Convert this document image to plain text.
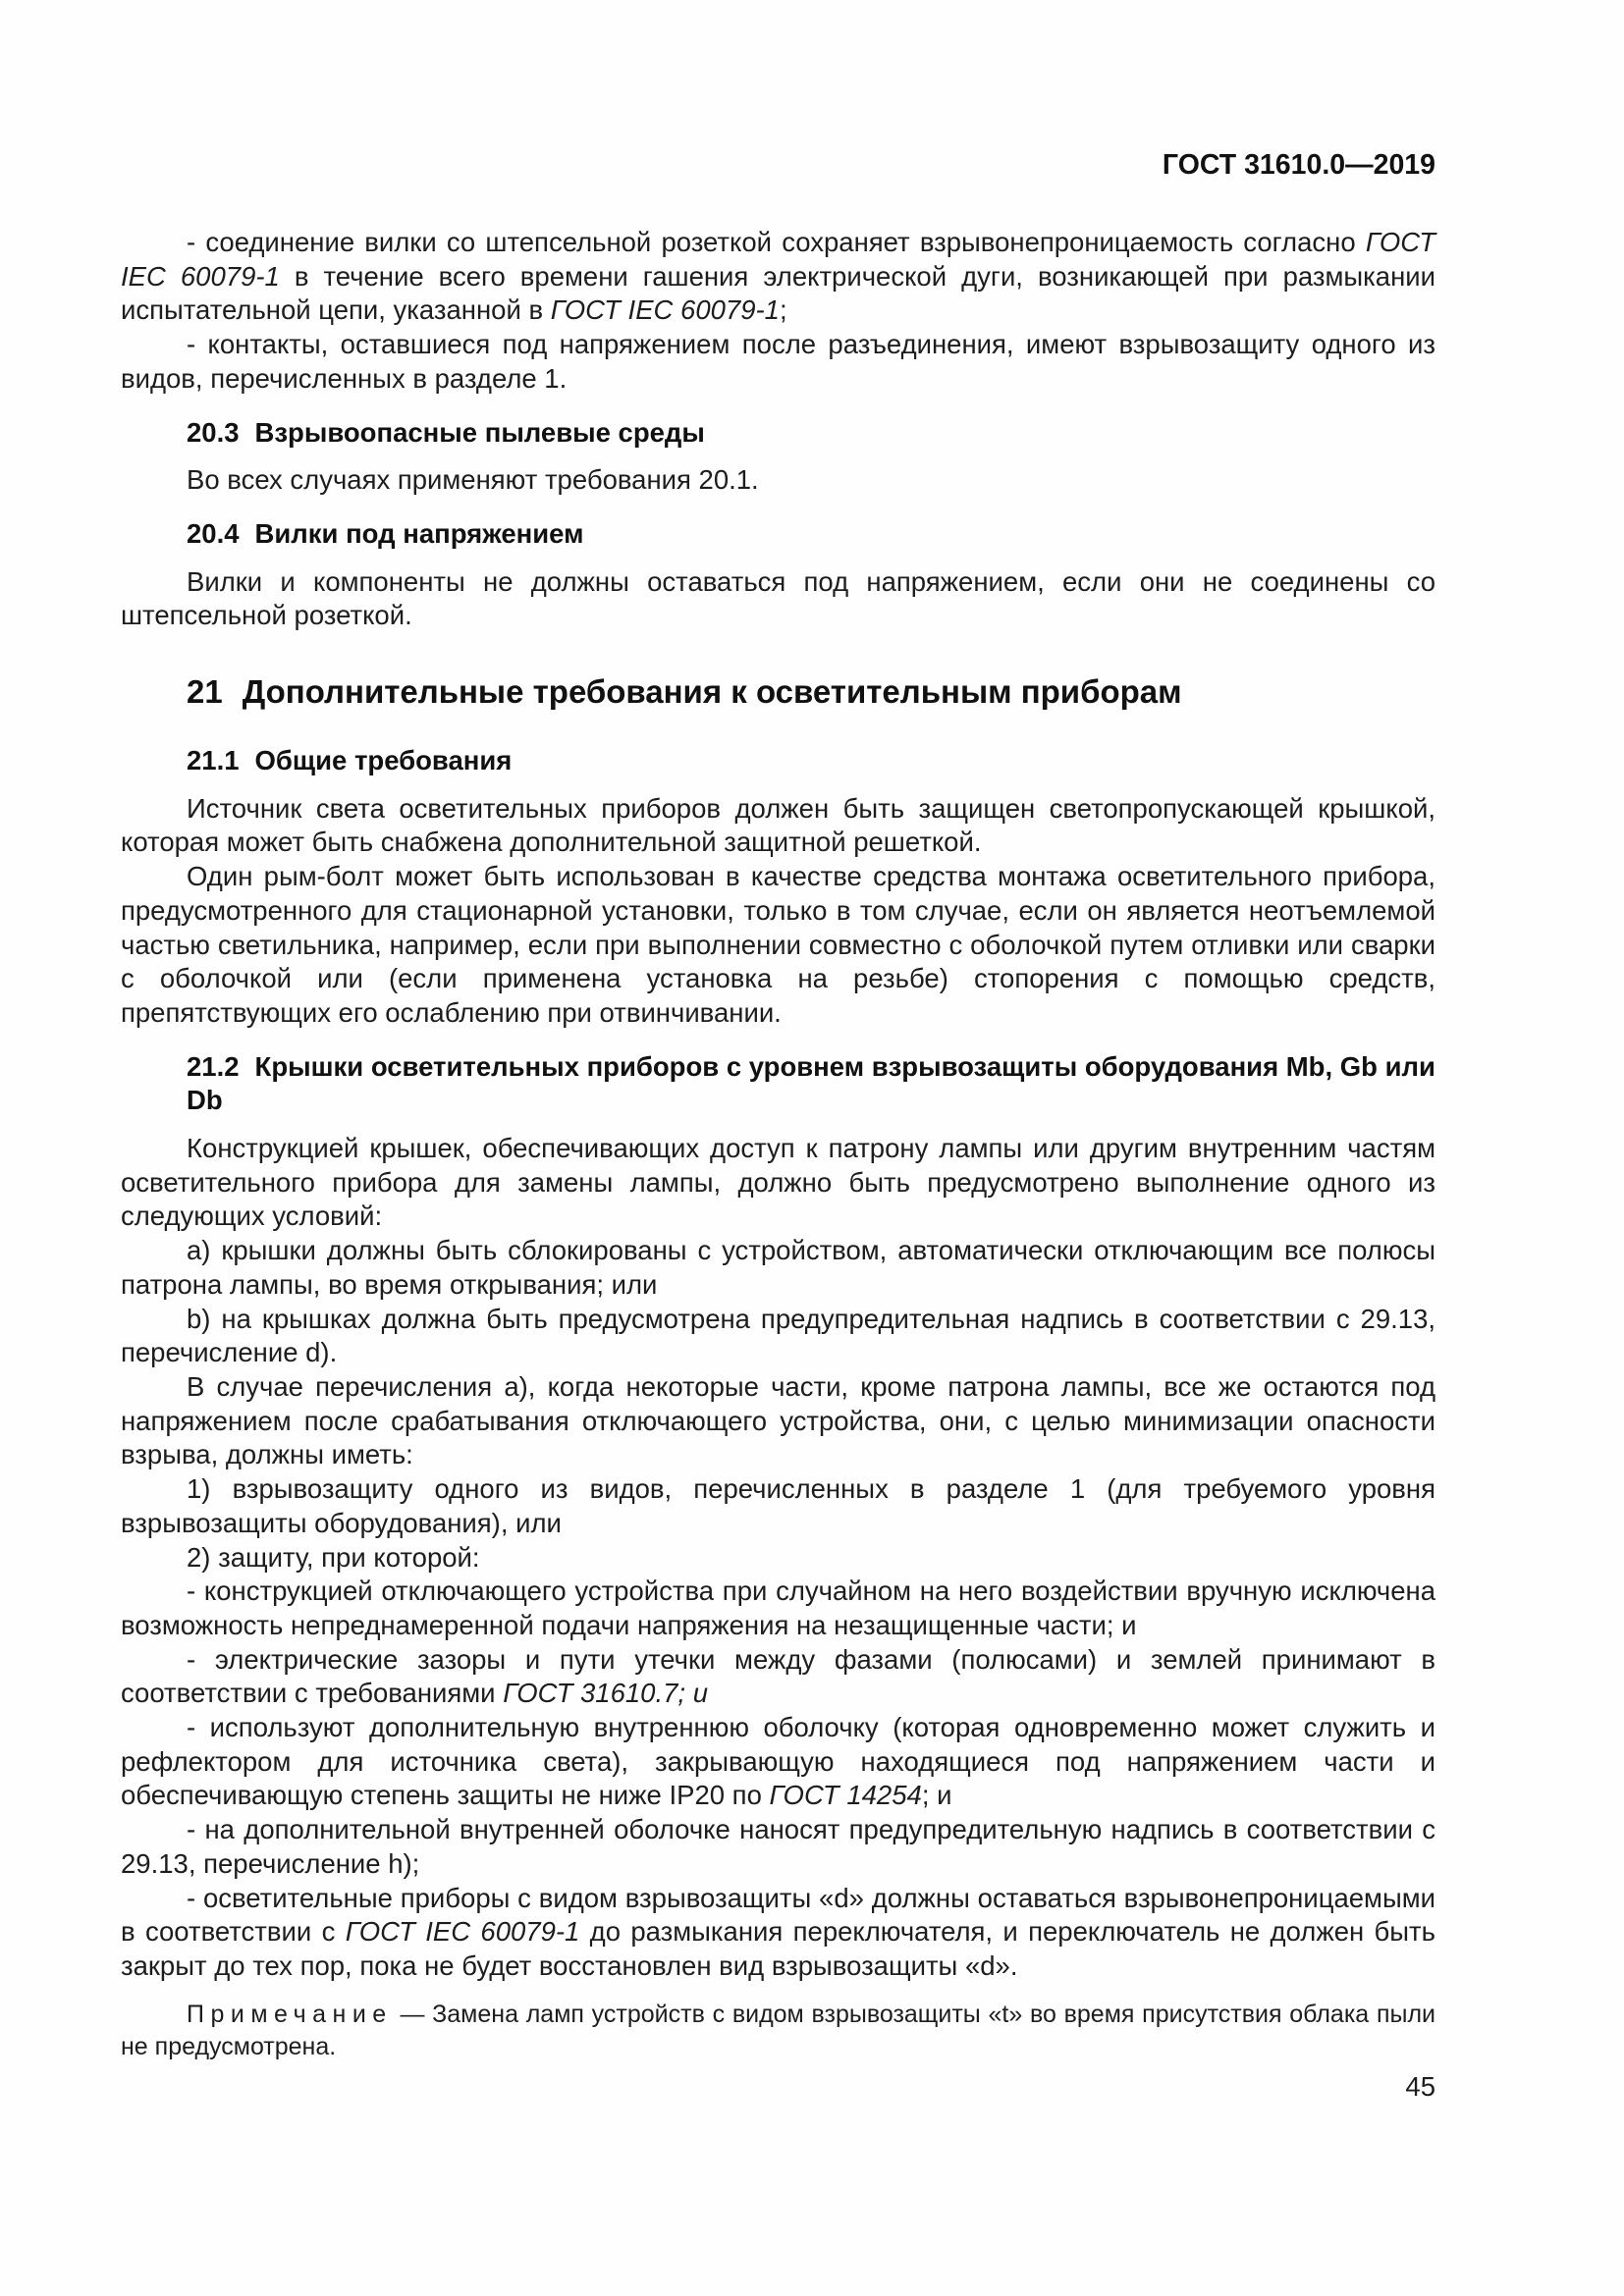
ГОСТ 31610.0—2019

- соединение вилки со штепсельной розеткой сохраняет взрывонепроницаемость согласно ГОСТ IEC 60079-1 в течение всего времени гашения электрической дуги, возникающей при размыкании испытательной цепи, указанной в ГОСТ IEC 60079-1;

- контакты, оставшиеся под напряжением после разъединения, имеют взрывозащиту одного из видов, перечисленных в разделе 1.

20.3 Взрывоопасные пылевые среды

Во всех случаях применяют требования 20.1.

20.4 Вилки под напряжением

Вилки и компоненты не должны оставаться под напряжением, если они не соединены со штепсельной розеткой.

21 Дополнительные требования к осветительным приборам
21.1 Общие требования

Источник света осветительных приборов должен быть защищен светопропускающей крышкой, которая может быть снабжена дополнительной защитной решеткой.

Один рым-болт может быть использован в качестве средства монтажа осветительного прибора, предусмотренного для стационарной установки, только в том случае, если он является неотъемлемой частью светильника, например, если при выполнении совместно с оболочкой путем отливки или сварки с оболочкой или (если применена установка на резьбе) стопорения с помощью средств, препятствующих его ослаблению при отвинчивании.

21.2 Крышки осветительных приборов с уровнем взрывозащиты оборудования Mb, Gb или Db

Конструкцией крышек, обеспечивающих доступ к патрону лампы или другим внутренним частям осветительного прибора для замены лампы, должно быть предусмотрено выполнение одного из следующих условий:

a) крышки должны быть сблокированы с устройством, автоматически отключающим все полюсы патрона лампы, во время открывания; или

b) на крышках должна быть предусмотрена предупредительная надпись в соответствии с 29.13, перечисление d).

В случае перечисления a), когда некоторые части, кроме патрона лампы, все же остаются под напряжением после срабатывания отключающего устройства, они, с целью минимизации опасности взрыва, должны иметь:

1) взрывозащиту одного из видов, перечисленных в разделе 1 (для требуемого уровня взрывозащиты оборудования), или

2) защиту, при которой:

- конструкцией отключающего устройства при случайном на него воздействии вручную исключена возможность непреднамеренной подачи напряжения на незащищенные части; и

- электрические зазоры и пути утечки между фазами (полюсами) и землей принимают в соответствии с требованиями ГОСТ 31610.7; и

- используют дополнительную внутреннюю оболочку (которая одновременно может служить и рефлектором для источника света), закрывающую находящиеся под напряжением части и обеспечивающую степень защиты не ниже IP20 по ГОСТ 14254; и

- на дополнительной внутренней оболочке наносят предупредительную надпись в соответствии с 29.13, перечисление h);

- осветительные приборы с видом взрывозащиты «d» должны оставаться взрывонепроницаемыми в соответствии с ГОСТ IEC 60079-1 до размыкания переключателя, и переключатель не должен быть закрыт до тех пор, пока не будет восстановлен вид взрывозащиты «d».

Примечание — Замена ламп устройств с видом взрывозащиты «t» во время присутствия облака пыли не предусмотрена.

45
